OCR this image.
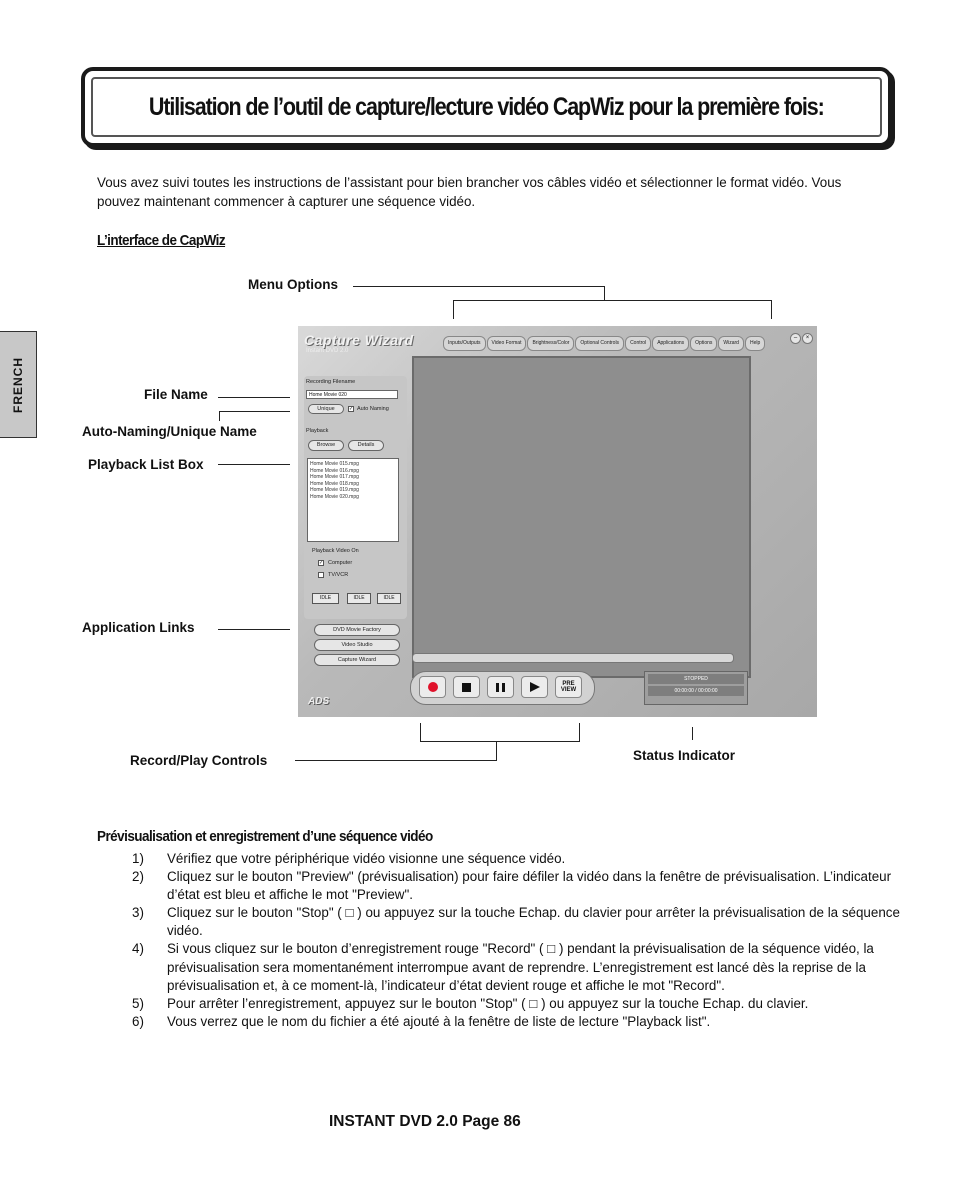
Utilisation de l’outil de capture/lecture vidéo CapWiz pour la première fois:
Vous avez suivi toutes les instructions de l’assistant pour bien brancher vos câbles vidéo et sélectionner le format vidéo. Vous pouvez maintenant commencer à capturer une séquence vidéo.
L’interface de CapWiz
FRENCH
Menu Options
File Name
Auto-Naming/Unique Name
Playback List Box
Application Links
Record/Play Controls	Status Indicator
Capture Wizard
Instant DVD 2.0
Inputs/Outputs	Video Format	Brightness/Color	Optional Controls	Control	Applications	Options	Wizard	Help
–	×
Recording Filename
Home Movie 020
Unique	✓ Auto Naming
Playback
Browse	Details
Home Movie 015.mpg
Home Movie 016.mpg
Home Movie 017.mpg
Home Movie 018.mpg
Home Movie 019.mpg
Home Movie 020.mpg
Playback Video On
✓ Computer
TV/VCR
IDLE	IDLE	IDLE
DVD Movie Factory
Video Studio
Capture Wizard
PRE VIEW
STOPPED
00:00:00 / 00:00:00
ADS
Prévisualisation et enregistrement d’une séquence vidéo
1)	Vérifiez que votre périphérique vidéo visionne une séquence vidéo.
2)	Cliquez sur le bouton "Preview" (prévisualisation) pour faire défiler la vidéo dans la fenêtre de prévisualisation. L’indicateur d’état est bleu et affiche le mot "Preview".
3)	Cliquez sur le bouton "Stop" ( □ ) ou appuyez sur la touche Echap. du clavier pour arrêter la prévisualisation de la séquence vidéo.
4)	Si vous cliquez sur le bouton d’enregistrement rouge "Record" ( □ ) pendant la prévisualisation de la séquence vidéo, la prévisualisation sera momentanément interrompue avant de reprendre. L’enregistrement est lancé dès la reprise de la prévisualisation et, à ce moment-là, l’indicateur d’état devient rouge et affiche le mot "Record".
5)	Pour arrêter l’enregistrement, appuyez sur le bouton "Stop" ( □ ) ou appuyez sur la touche Echap. du clavier.
6)	Vous verrez que le nom du fichier a été ajouté à la fenêtre de liste de lecture "Playback list".
INSTANT DVD 2.0 Page 86
